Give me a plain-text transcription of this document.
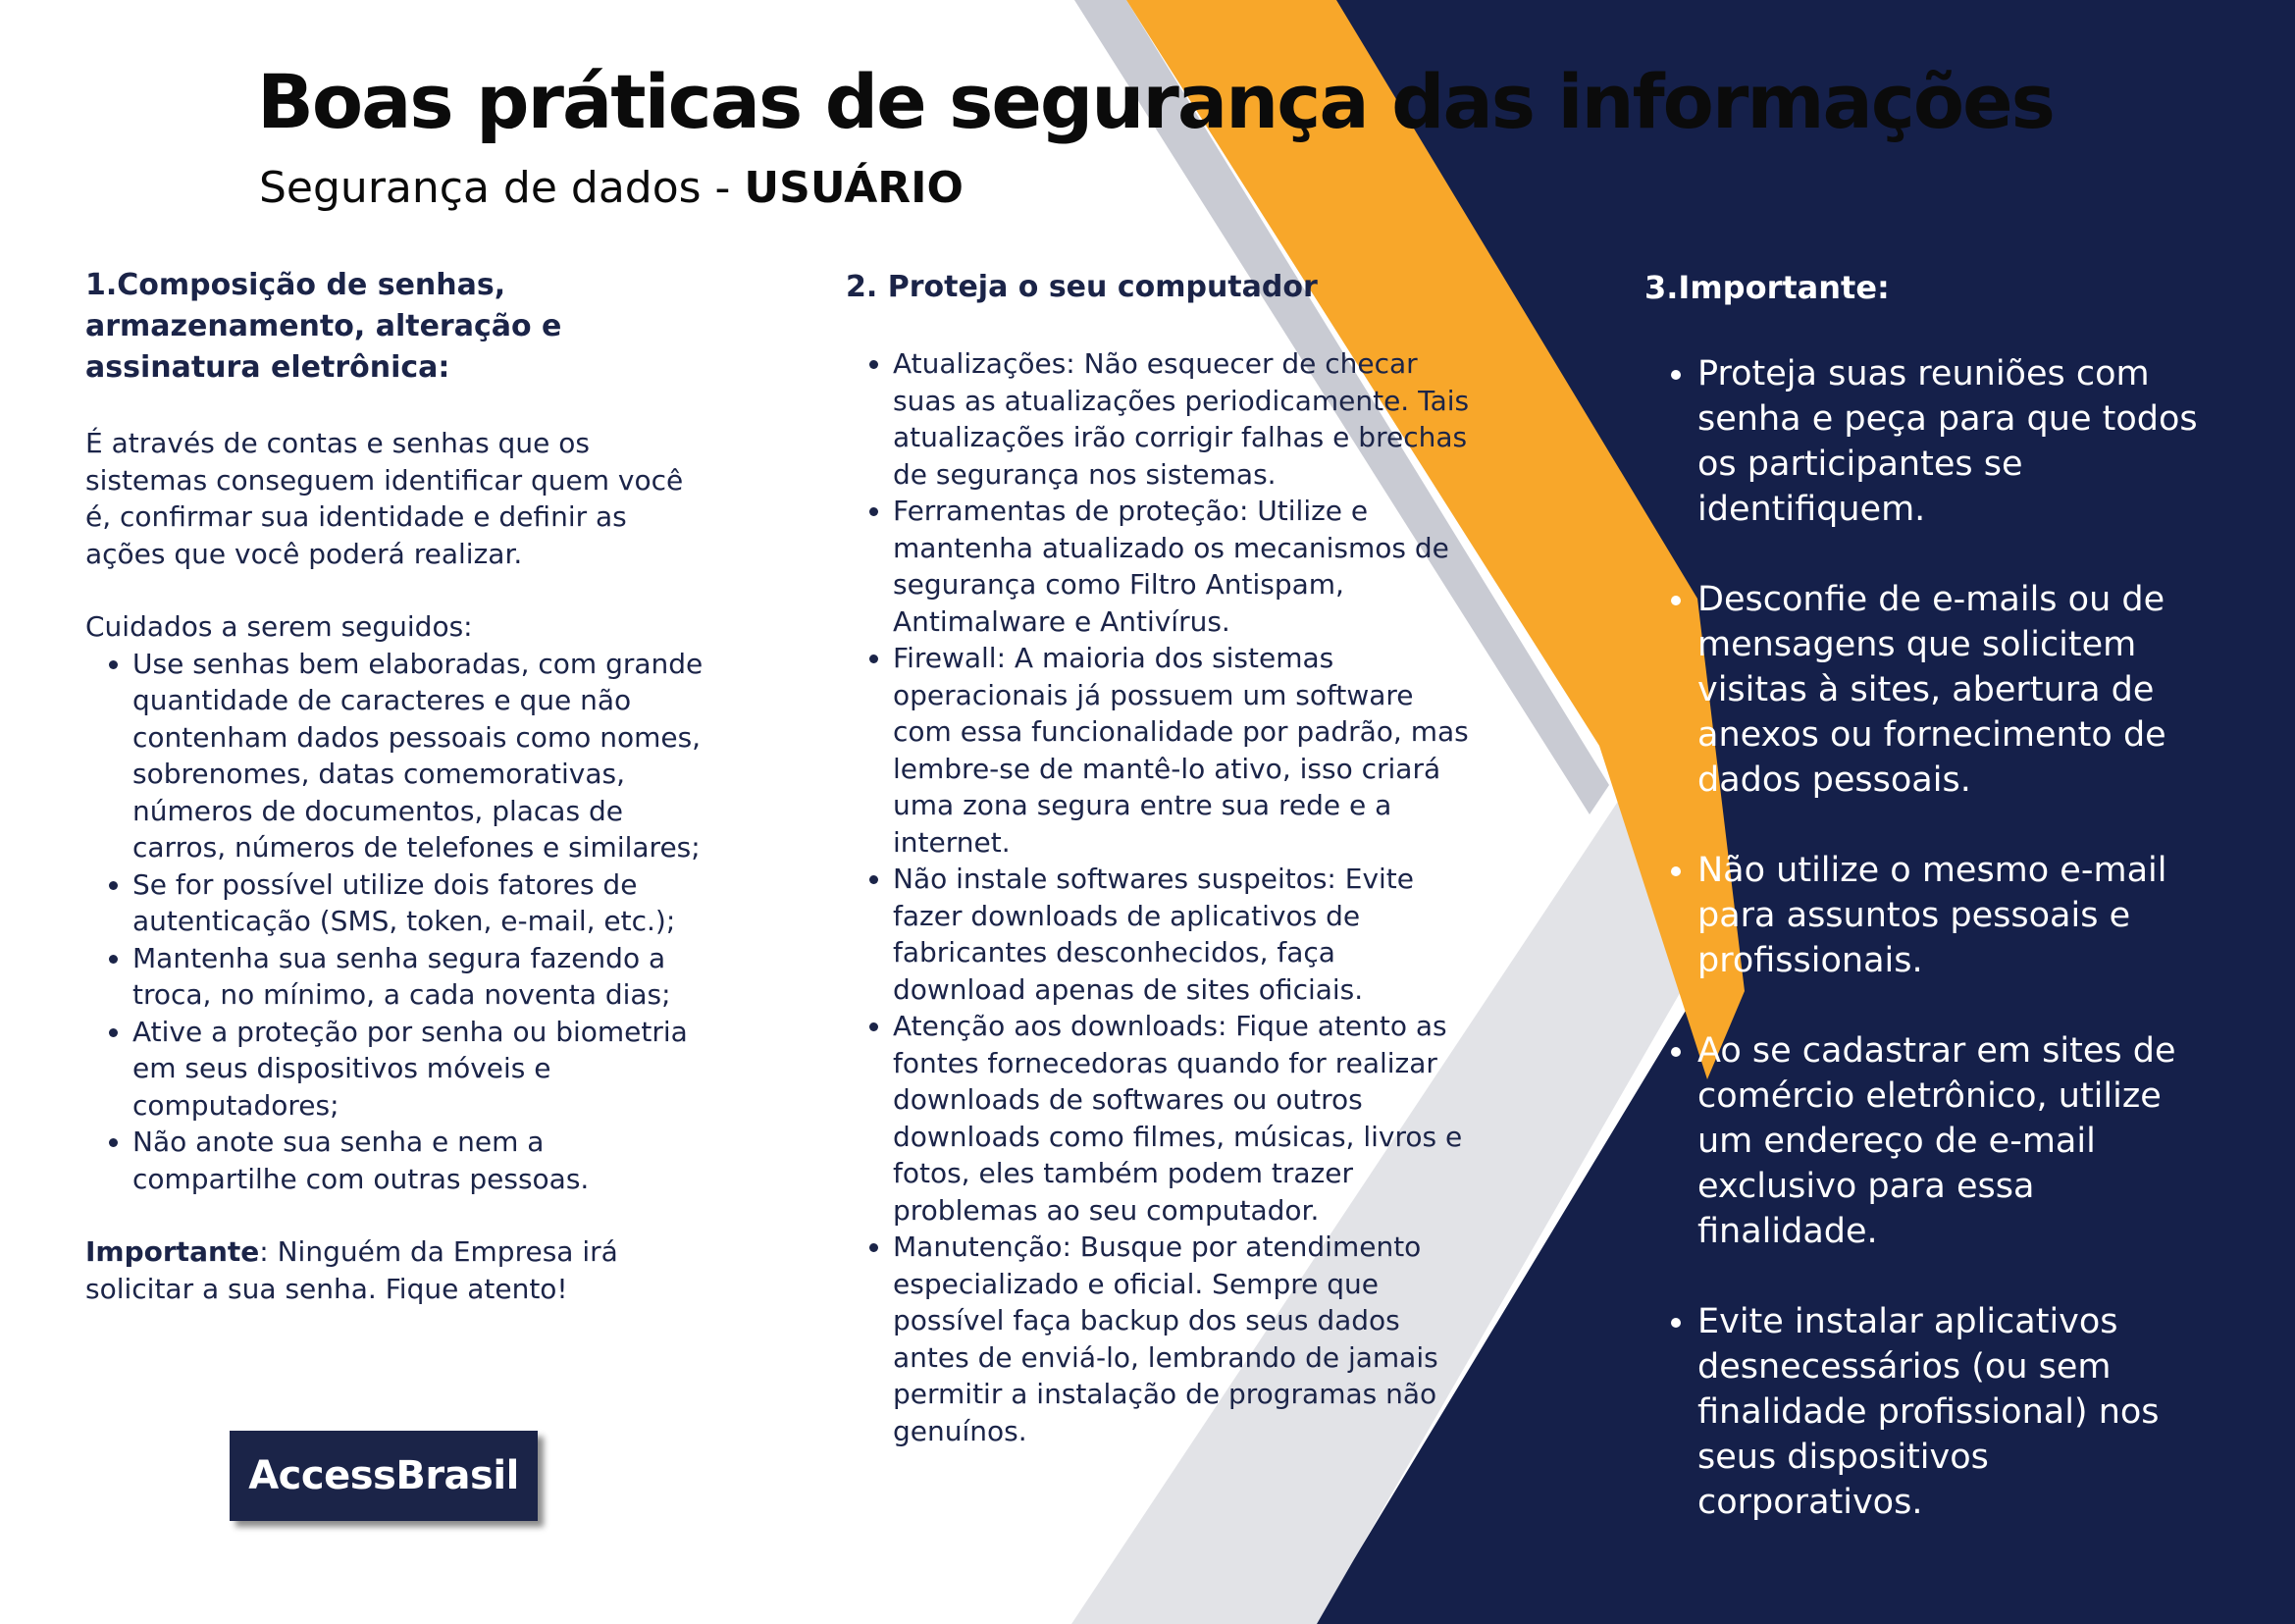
Boas práticas de segurança das informações

Segurança de dados - USUÁRIO

1.Composição de senhas, armazenamento, alteração e assinatura eletrônica:

É através de contas e senhas que os sistemas conseguem identificar quem você é, confirmar sua identidade e definir as ações que você poderá realizar.

Cuidados a serem seguidos:

• Use senhas bem elaboradas, com grande quantidade de caracteres e que não contenham dados pessoais como nomes, sobrenomes, datas comemorativas, números de documentos, placas de carros, números de telefones e similares;
• Se for possível utilize dois fatores de autenticação (SMS, token, e-mail, etc.);
• Mantenha sua senha segura fazendo a troca, no mínimo, a cada noventa dias;
• Ative a proteção por senha ou biometria em seus dispositivos móveis e computadores;
• Não anote sua senha e nem a compartilhe com outras pessoas.

Importante: Ninguém da Empresa irá solicitar a sua senha. Fique atento!

2. Proteja o seu computador
• Atualizações: Não esquecer de checar suas as atualizações periodicamente. Tais atualizações irão corrigir falhas e brechas de segurança nos sistemas.
• Ferramentas de proteção: Utilize e mantenha atualizado os mecanismos de segurança como Filtro Antispam, Antimalware e Antivírus.
• Firewall: A maioria dos sistemas operacionais já possuem um software com essa funcionalidade por padrão, mas lembre-se de mantê-lo ativo, isso criará uma zona segura entre sua rede e a internet.
• Não instale softwares suspeitos: Evite fazer downloads de aplicativos de fabricantes desconhecidos, faça download apenas de sites oficiais.
• Atenção aos downloads: Fique atento as fontes fornecedoras quando for realizar downloads de softwares ou outros downloads como filmes, músicas, livros e fotos, eles também podem trazer problemas ao seu computador.
• Manutenção: Busque por atendimento especializado e oficial. Sempre que possível faça backup dos seus dados antes de enviá-lo, lembrando de jamais permitir a instalação de programas não genuínos.
3.Importante:
• Proteja suas reuniões com senha e peça para que todos os participantes se identifiquem.
• Desconfie de e-mails ou de mensagens que solicitem visitas à sites, abertura de anexos ou fornecimento de dados pessoais.
• Não utilize o mesmo e-mail para assuntos pessoais e profissionais.
• Ao se cadastrar em sites de comércio eletrônico, utilize um endereço de e-mail exclusivo para essa finalidade.
• Evite instalar aplicativos desnecessários (ou sem finalidade profissional) nos seus dispositivos corporativos.
AccessBrasil
